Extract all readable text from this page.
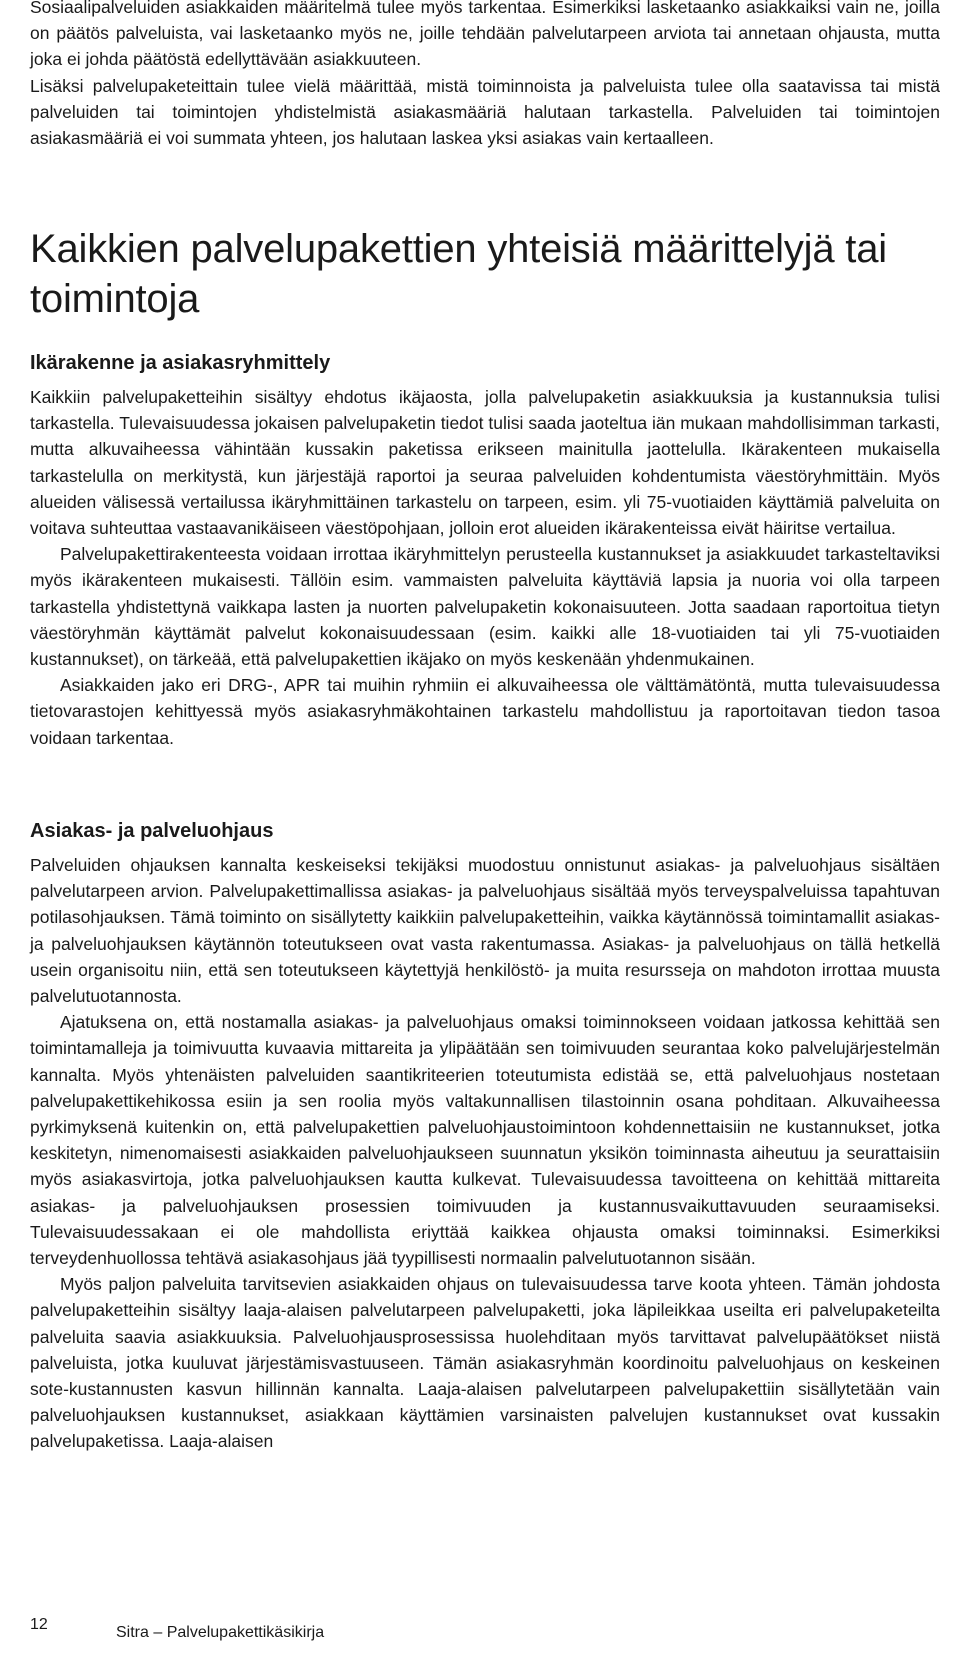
Sosiaalipalveluiden asiakkaiden määritelmä tulee myös tarkentaa. Esimerkiksi lasketaanko asiakkaiksi vain ne, joilla on päätös palveluista, vai lasketaanko myös ne, joille tehdään palvelutarpeen arviota tai annetaan ohjausta, mutta joka ei johda päätöstä edellyttävään asiakkuuteen.

Lisäksi palvelupaketeittain tulee vielä määrittää, mistä toiminnoista ja palveluista tulee olla saatavissa tai mistä palveluiden tai toimintojen yhdistelmistä asiakasmääriä halutaan tarkastella. Palveluiden tai toimintojen asiakasmääriä ei voi summata yhteen, jos halutaan laskea yksi asiakas vain kertaalleen.

Kaikkien palvelupakettien yhteisiä määrittelyjä tai toimintoja
Ikärakenne ja asiakasryhmittely

Kaikkiin palvelupaketteihin sisältyy ehdotus ikäjaosta, jolla palvelupaketin asiakkuuksia ja kustannuksia tulisi tarkastella. Tulevaisuudessa jokaisen palvelupaketin tiedot tulisi saada jaoteltua iän mukaan mahdollisimman tarkasti, mutta alkuvaiheessa vähintään kussakin paketissa erikseen mainitulla jaottelulla. Ikärakenteen mukaisella tarkastelulla on merkitystä, kun järjestäjä raportoi ja seuraa palveluiden kohdentumista väestöryhmittäin. Myös alueiden välisessä vertailussa ikäryhmittäinen tarkastelu on tarpeen, esim. yli 75-vuotiaiden käyttämiä palveluita on voitava suhteuttaa vastaavanikäiseen väestöpohjaan, jolloin erot alueiden ikärakenteissa eivät häiritse vertailua.

Palvelupakettirakenteesta voidaan irrottaa ikäryhmittelyn perusteella kustannukset ja asiakkuudet tarkasteltaviksi myös ikärakenteen mukaisesti. Tällöin esim. vammaisten palveluita käyttäviä lapsia ja nuoria voi olla tarpeen tarkastella yhdistettynä vaikkapa lasten ja nuorten palvelupaketin kokonaisuuteen. Jotta saadaan raportoitua tietyn väestöryhmän käyttämät palvelut kokonaisuudessaan (esim. kaikki alle 18-vuotiaiden tai yli 75-vuotiaiden kustannukset), on tärkeää, että palvelupakettien ikäjako on myös keskenään yhdenmukainen.

Asiakkaiden jako eri DRG-, APR tai muihin ryhmiin ei alkuvaiheessa ole välttämätöntä, mutta tulevaisuudessa tietovarastojen kehittyessä myös asiakasryhmäkohtainen tarkastelu mahdollistuu ja raportoitavan tiedon tasoa voidaan tarkentaa.

Asiakas- ja palveluohjaus

Palveluiden ohjauksen kannalta keskeiseksi tekijäksi muodostuu onnistunut asiakas- ja palveluohjaus sisältäen palvelutarpeen arvion. Palvelupakettimallissa asiakas- ja palveluohjaus sisältää myös terveyspalveluissa tapahtuvan potilasohjauksen. Tämä toiminto on sisällytetty kaikkiin palvelupaketteihin, vaikka käytännössä toimintamallit asiakas- ja palveluohjauksen käytännön toteutukseen ovat vasta rakentumassa. Asiakas- ja palveluohjaus on tällä hetkellä usein organisoitu niin, että sen toteutukseen käytettyjä henkilöstö- ja muita resursseja on mahdoton irrottaa muusta palvelutuotannosta.

Ajatuksena on, että nostamalla asiakas- ja palveluohjaus omaksi toiminnokseen voidaan jatkossa kehittää sen toimintamalleja ja toimivuutta kuvaavia mittareita ja ylipäätään sen toimivuuden seurantaa koko palvelujärjestelmän kannalta. Myös yhtenäisten palveluiden saantikriteerien toteutumista edistää se, että palveluohjaus nostetaan palvelupakettikehikossa esiin ja sen roolia myös valtakunnallisen tilastoinnin osana pohditaan. Alkuvaiheessa pyrkimyksenä kuitenkin on, että palvelupakettien palveluohjaustoimintoon kohdennettaisiin ne kustannukset, jotka keskitetyn, nimenomaisesti asiakkaiden palveluohjaukseen suunnatun yksikön toiminnasta aiheutuu ja seurattaisiin myös asiakasvirtoja, jotka palveluohjauksen kautta kulkevat. Tulevaisuudessa tavoitteena on kehittää mittareita asiakas- ja palveluohjauksen prosessien toimivuuden ja kustannusvaikuttavuuden seuraamiseksi. Tulevaisuudessakaan ei ole mahdollista eriyttää kaikkea ohjausta omaksi toiminnaksi. Esimerkiksi terveydenhuollossa tehtävä asiakasohjaus jää tyypillisesti normaalin palvelutuotannon sisään.

Myös paljon palveluita tarvitsevien asiakkaiden ohjaus on tulevaisuudessa tarve koota yhteen. Tämän johdosta palvelupaketteihin sisältyy laaja-alaisen palvelutarpeen palvelupaketti, joka läpileikkaa useilta eri palvelupaketeilta palveluita saavia asiakkuuksia. Palveluohjausprosessissa huolehditaan myös tarvittavat palvelupäätökset niistä palveluista, jotka kuuluvat järjestämisvastuuseen. Tämän asiakasryhmän koordinoitu palveluohjaus on keskeinen sote-kustannusten kasvun hillinnän kannalta. Laaja-alaisen palvelutarpeen palvelupakettiin sisällytetään vain palveluohjauksen kustannukset, asiakkaan käyttämien varsinaisten palvelujen kustannukset ovat kussakin palvelupaketissa. Laaja-alaisen

12	Sitra – Palvelupakettikäsikirja
